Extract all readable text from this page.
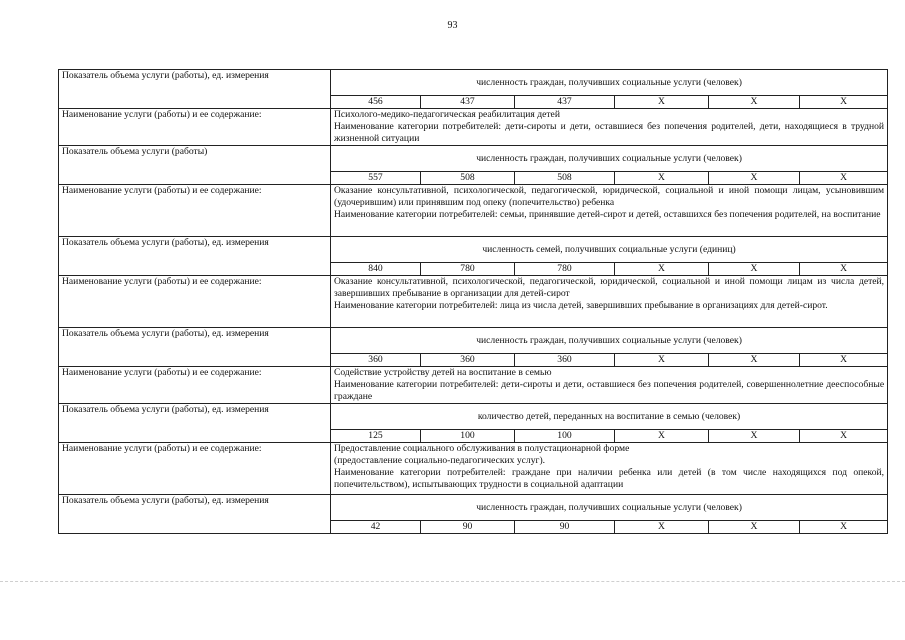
93
Показатель объема услуги (работы), ед. измерения	численность граждан, получивших социальные услуги (человек)					
	456	437	437	X	X	X
Наименование услуги (работы) и ее содержание:	Психолого-медико-педагогическая реабилитация детей
Наименование категории потребителей: дети-сироты и дети, оставшиеся без попечения родителей, дети, находящиеся в трудной жизненной ситуации					

Показатель объема услуги (работы)	численность граждан, получивших социальные услуги (человек)					
	557	508	508	X	X	X
Наименование услуги (работы) и ее содержание:	Оказание консультативной, психологической, педагогической, юридической, социальной и иной помощи лицам, усыновившим (удочерившим) или принявшим под опеку (попечительство) ребенка
Наименование категории потребителей: семьи, принявшие детей-сирот и детей, оставшихся без попечения родителей, на воспитание					

Показатель объема услуги (работы), ед. измерения	численность семей, получивших социальные услуги (единиц)					
	840	780	780	X	X	X
Наименование услуги (работы) и ее содержание:	Оказание консультативной, психологической, педагогической, юридической, социальной и иной помощи лицам из числа детей, завершивших пребывание в организации для детей-сирот
Наименование категории потребителей: лица из числа детей, завершивших пребывание в организациях для детей-сирот.					

Показатель объема услуги (работы), ед. измерения	численность граждан, получивших социальные услуги (человек)					
	360	360	360	X	X	X
Наименование услуги (работы) и ее содержание:	Содействие устройству детей на воспитание в семью
Наименование категории потребителей: дети-сироты и дети, оставшиеся без попечения родителей, совершеннолетние дееспособные граждане					

Показатель объема услуги (работы), ед. измерения	количество детей, переданных на воспитание в семью (человек)					
	125	100	100	X	X	X
Наименование услуги (работы) и ее содержание:	Предоставление социального обслуживания в полустационарной форме
(предоставление социально-педагогических услуг).
Наименование категории потребителей: граждане при наличии ребенка или детей (в том числе находящихся под опекой, попечительством), испытывающих трудности в социальной адаптации					

Показатель объема услуги (работы), ед. измерения	численность граждан, получивших социальные услуги (человек)					
	42	90	90	X	X	X
